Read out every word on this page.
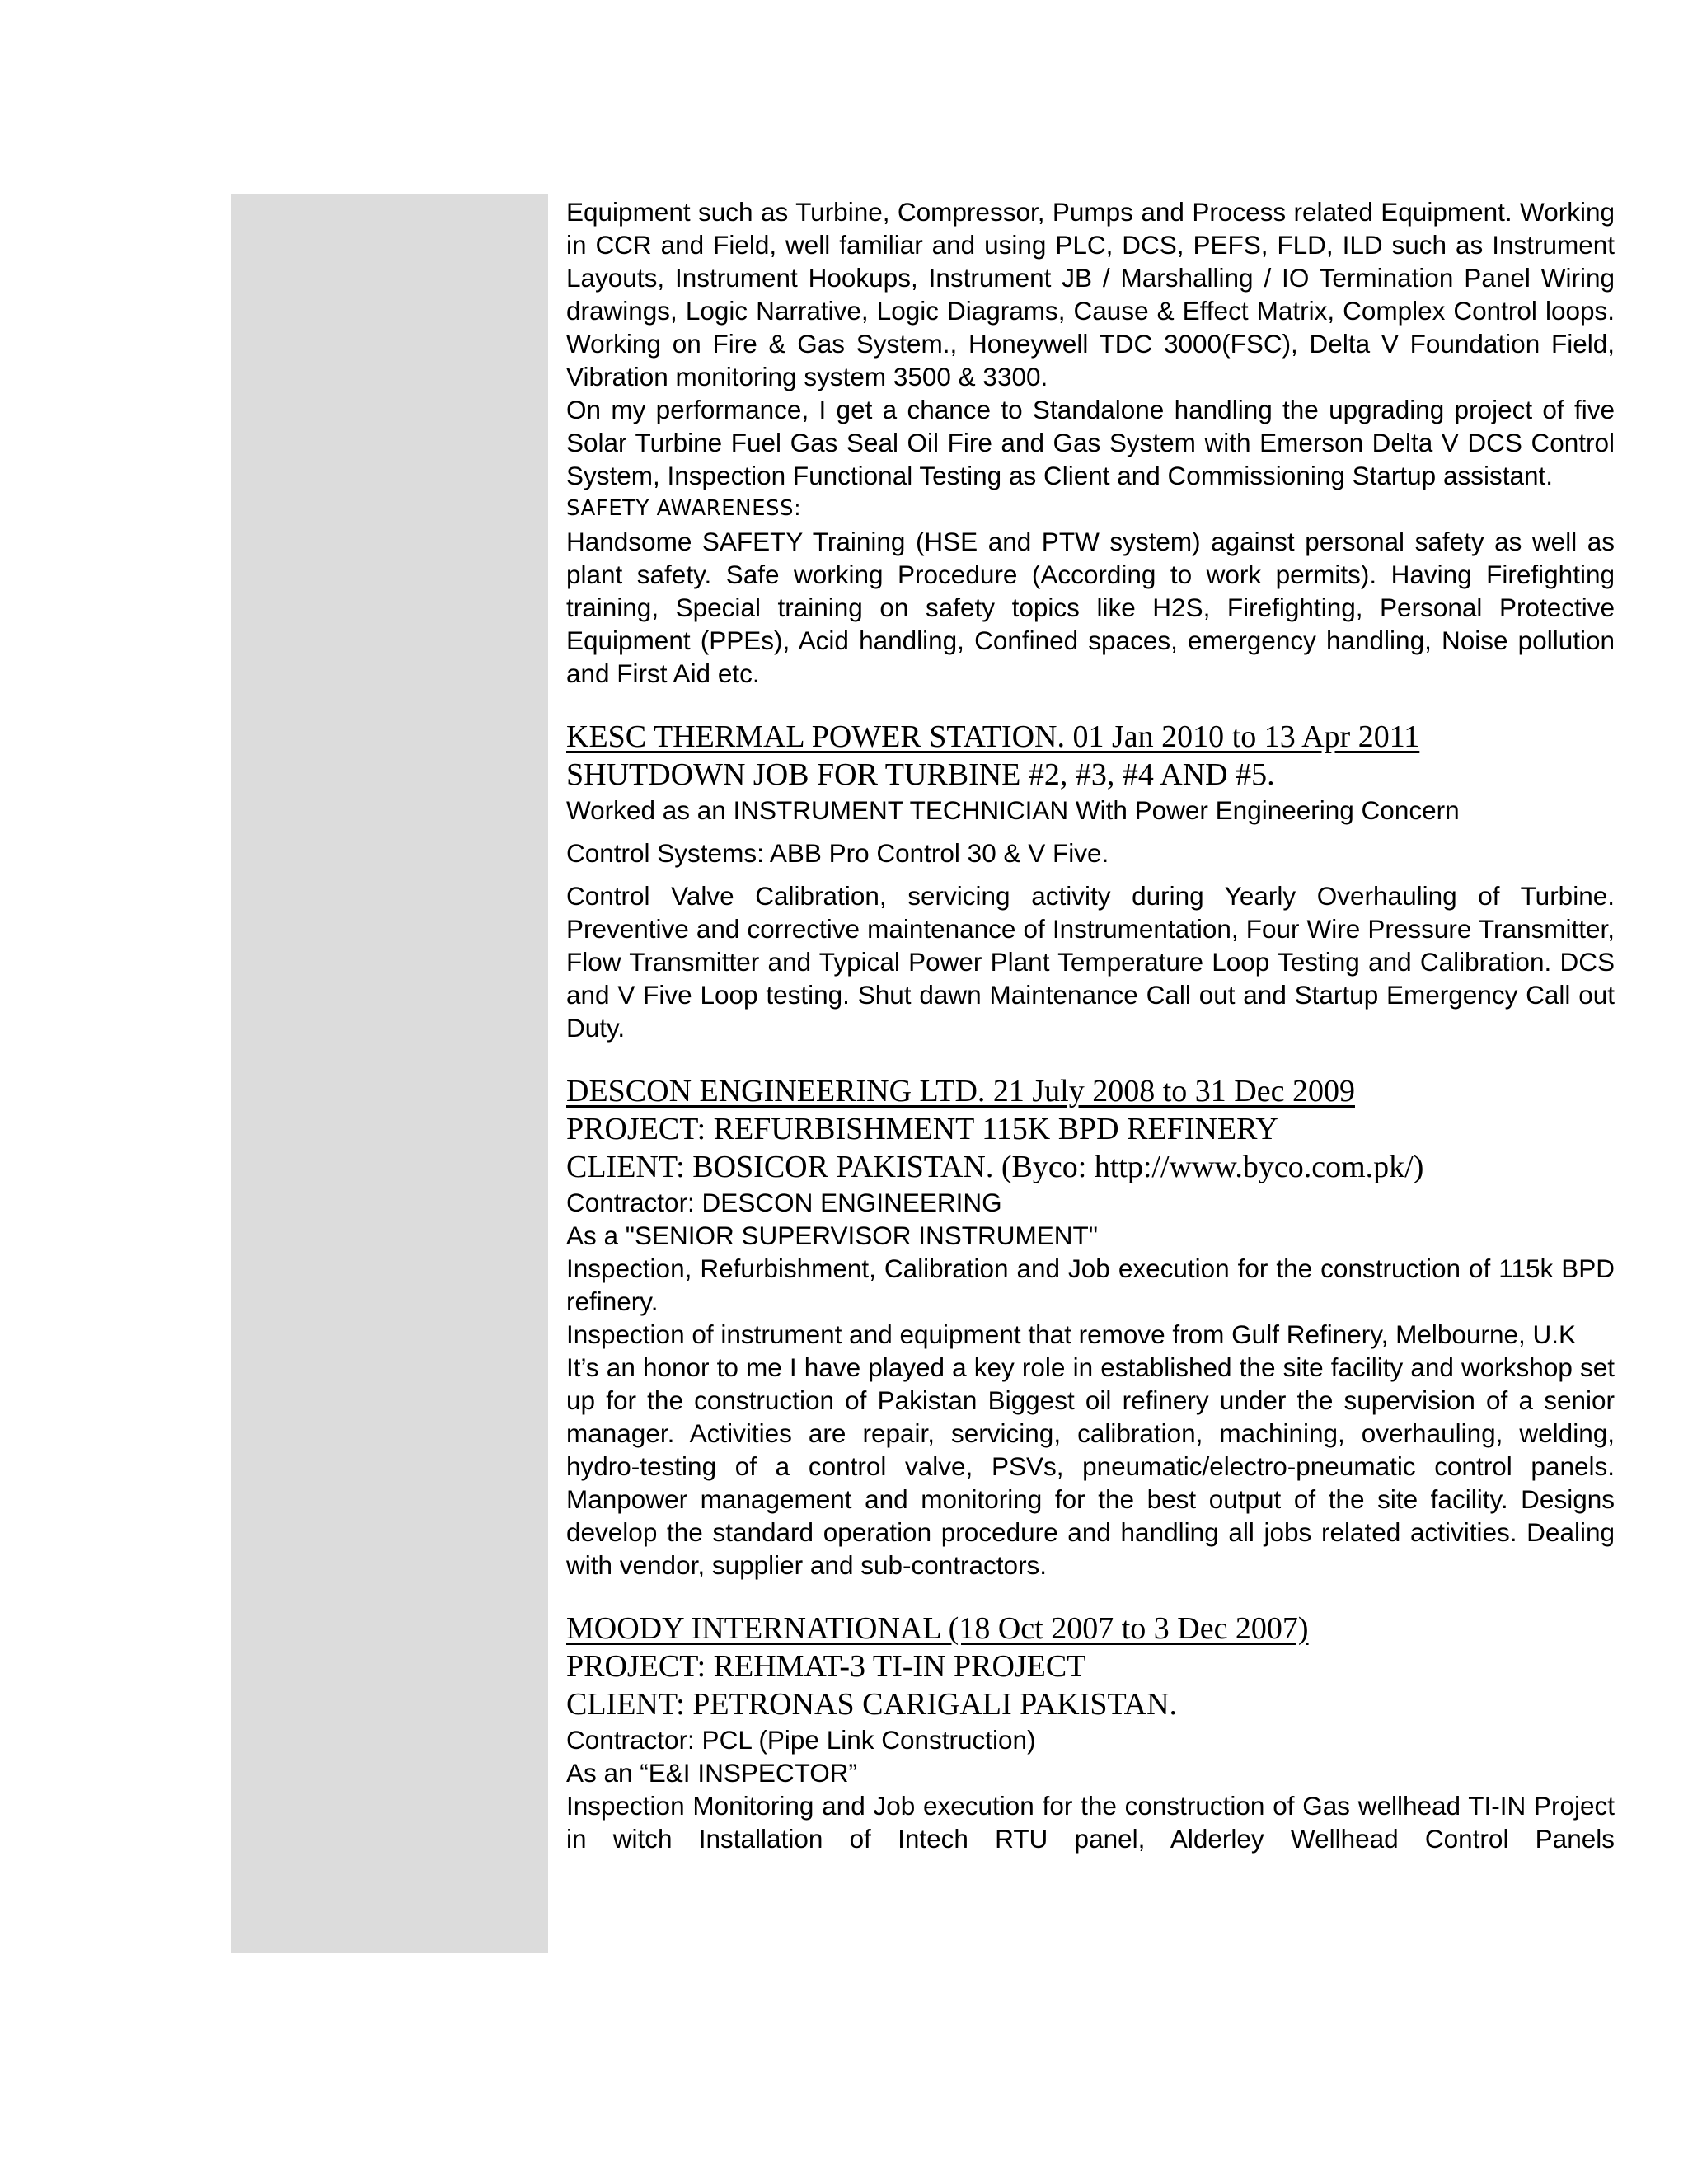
Equipment such as Turbine, Compressor, Pumps and Process related Equipment. Working in CCR and Field, well familiar and using PLC, DCS, PEFS, FLD, ILD such as Instrument Layouts, Instrument Hookups, Instrument JB / Marshalling / IO Termination Panel Wiring drawings, Logic Narrative, Logic Diagrams, Cause & Effect Matrix, Complex Control loops. Working on Fire & Gas System., Honeywell TDC 3000(FSC), Delta V Foundation Field, Vibration monitoring system 3500 & 3300.

On my performance, I get a chance to Standalone handling the upgrading project of five Solar Turbine Fuel Gas Seal Oil Fire and Gas System with Emerson Delta V DCS Control System, Inspection Functional Testing as Client and Commissioning Startup assistant.

SAFETY AWARENESS:

Handsome SAFETY Training (HSE and PTW system) against personal safety as well as plant safety. Safe working Procedure (According to work permits). Having Firefighting training, Special training on safety topics like H2S, Firefighting, Personal Protective Equipment (PPEs), Acid handling, Confined spaces, emergency handling, Noise pollution and First Aid etc.

KESC THERMAL POWER STATION. 01 Jan 2010 to 13 Apr 2011

SHUTDOWN JOB FOR TURBINE #2, #3, #4 AND #5.

Worked as an INSTRUMENT TECHNICIAN With Power Engineering Concern

Control Systems: ABB Pro Control 30 & V Five.

Control Valve Calibration, servicing activity during Yearly Overhauling of Turbine. Preventive and corrective maintenance of Instrumentation, Four Wire Pressure Transmitter, Flow Transmitter and Typical Power Plant Temperature Loop Testing and Calibration. DCS and V Five Loop testing. Shut dawn Maintenance Call out and Startup Emergency Call out Duty.

DESCON ENGINEERING LTD. 21 July 2008 to 31 Dec 2009

PROJECT: REFURBISHMENT 115K BPD REFINERY

CLIENT: BOSICOR PAKISTAN. (Byco: http://www.byco.com.pk/)

Contractor: DESCON ENGINEERING

As a "SENIOR SUPERVISOR INSTRUMENT"

Inspection, Refurbishment, Calibration and Job execution for the construction of 115k BPD refinery.

Inspection of instrument and equipment that remove from Gulf Refinery, Melbourne, U.K

It’s an honor to me I have played a key role in established the site facility and workshop set up for the construction of Pakistan Biggest oil refinery under the supervision of a senior manager. Activities are repair, servicing, calibration, machining, overhauling, welding, hydro-testing of a control valve, PSVs, pneumatic/electro-pneumatic control panels. Manpower management and monitoring for the best output of the site facility. Designs develop the standard operation procedure and handling all jobs related activities. Dealing with vendor, supplier and sub-contractors.

MOODY INTERNATIONAL (18 Oct 2007 to 3 Dec 2007)

PROJECT: REHMAT-3 TI-IN PROJECT

CLIENT: PETRONAS CARIGALI PAKISTAN.

Contractor: PCL (Pipe Link Construction)

As an “E&I INSPECTOR”

Inspection Monitoring and Job execution for the construction of Gas wellhead TI-IN Project in witch Installation of Intech RTU panel, Alderley Wellhead Control Panels
